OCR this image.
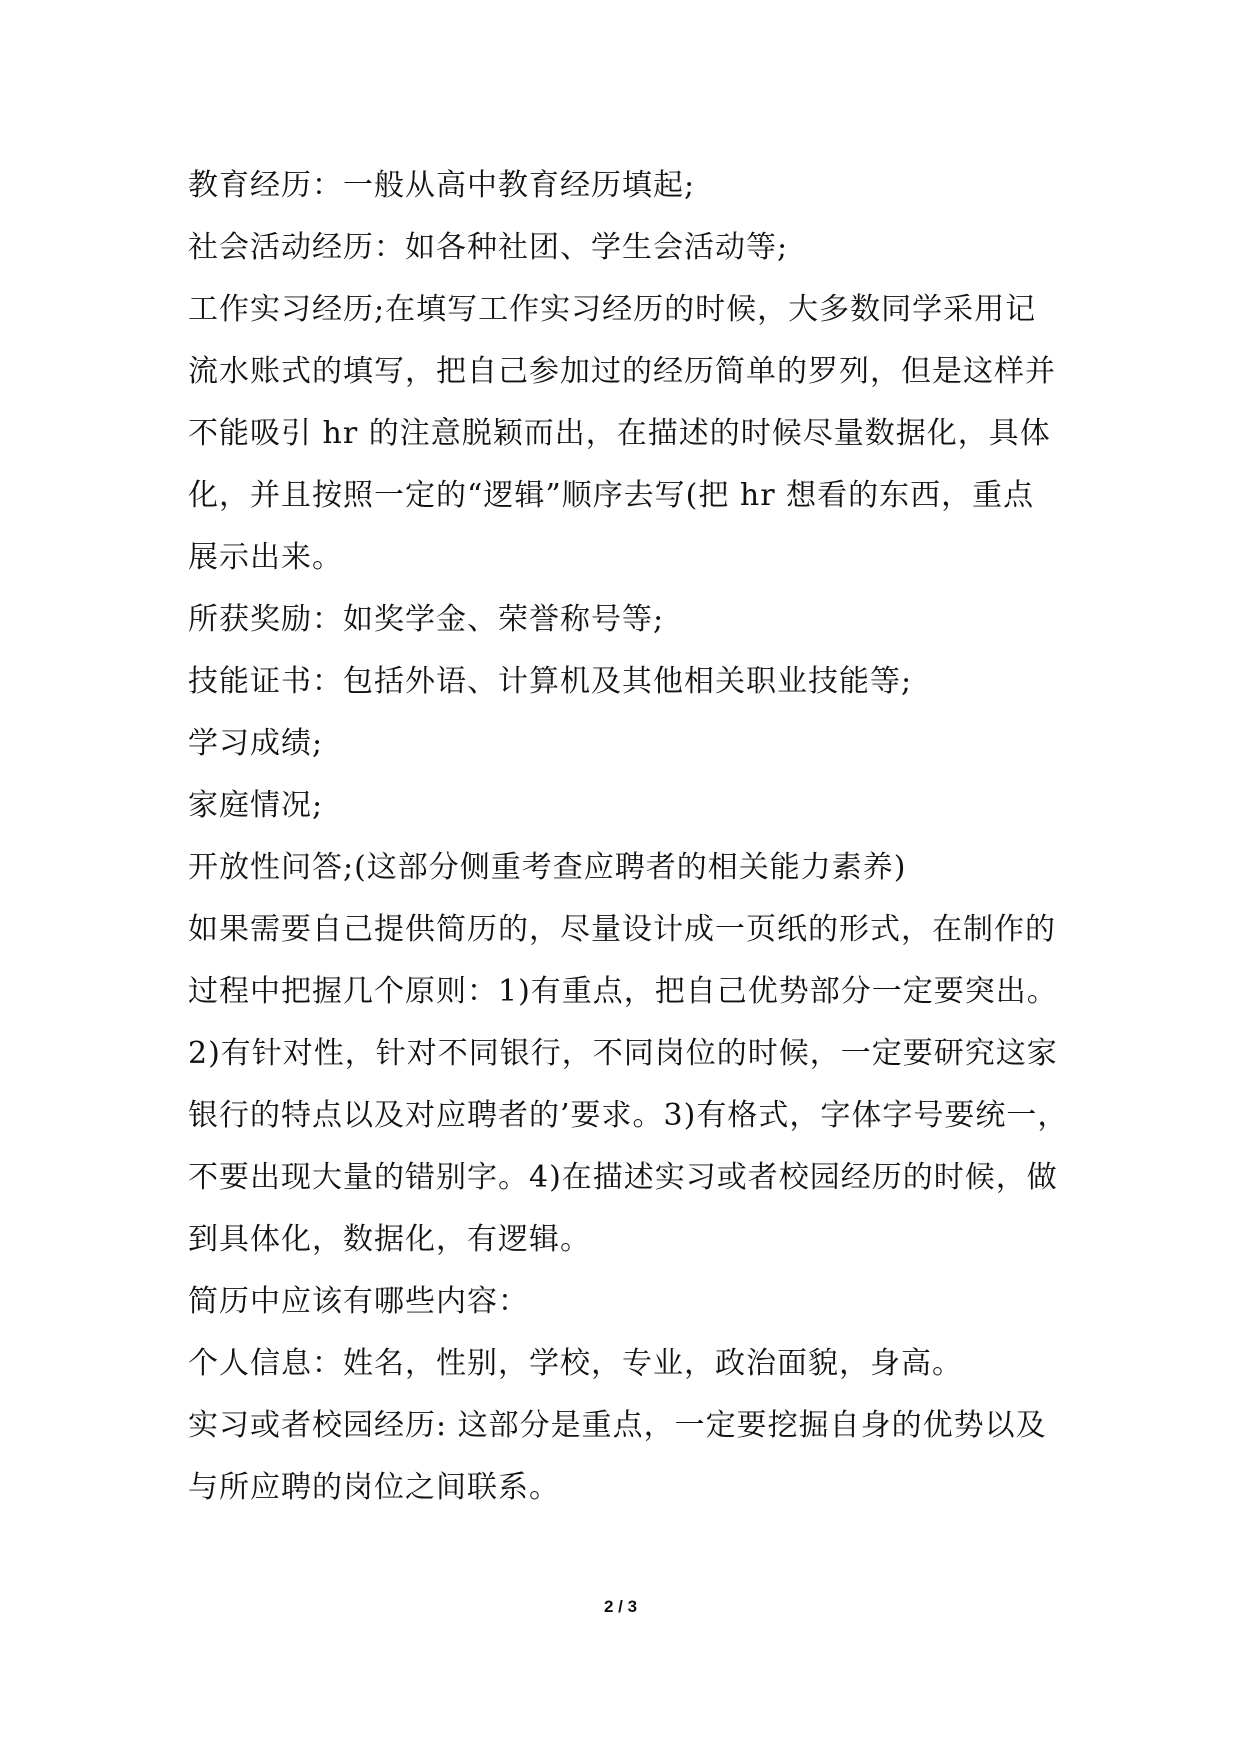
教育经历：一般从高中教育经历填起;
社会活动经历：如各种社团、学生会活动等;
工作实习经历;在填写工作实习经历的时候，大多数同学采用记
流水账式的填写，把自己参加过的经历简单的罗列，但是这样并
不能吸引 hr 的注意脱颖而出，在描述的时候尽量数据化，具体
化，并且按照一定的“逻辑”顺序去写(把 hr 想看的东西，重点
展示出来。
所获奖励：如奖学金、荣誉称号等;
技能证书：包括外语、计算机及其他相关职业技能等;
学习成绩;
家庭情况;
开放性问答;(这部分侧重考查应聘者的相关能力素养)
如果需要自己提供简历的，尽量设计成一页纸的形式，在制作的
过程中把握几个原则：1)有重点，把自己优势部分一定要突出。
2)有针对性，针对不同银行，不同岗位的时候，一定要研究这家
银行的特点以及对应聘者的’要求。3)有格式，字体字号要统一，
不要出现大量的错别字。4)在描述实习或者校园经历的时候，做
到具体化，数据化，有逻辑。
简历中应该有哪些内容：
个人信息：姓名，性别，学校，专业，政治面貌，身高。
实习或者校园经历: 这部分是重点，一定要挖掘自身的优势以及
与所应聘的岗位之间联系。
2 / 3
